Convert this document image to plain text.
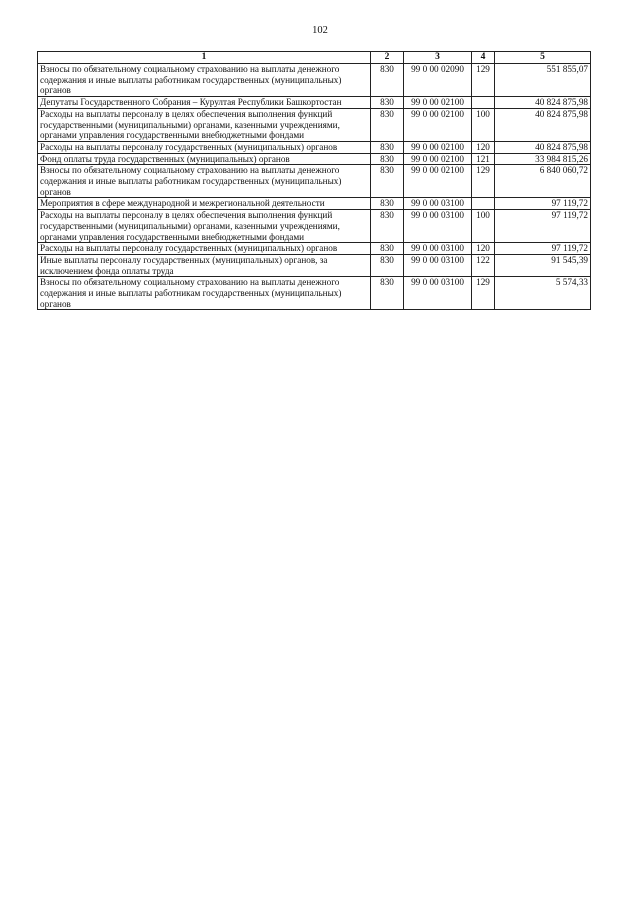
102
1	2	3	4	5
Взносы по обязательному социальному страхованию на выплаты денежного содержания и иные выплаты работникам государственных (муниципальных) органов	830	99 0 00 02090	129	551 855,07
Депутаты Государственного Собрания – Курултая Республики Башкортостан	830	99 0 00 02100		40 824 875,98
Расходы на выплаты персоналу в целях обеспечения выполнения функций государственными (муниципальными) органами, казенными учреждениями, органами управления государственными внебюджетными фондами	830	99 0 00 02100	100	40 824 875,98
Расходы на выплаты персоналу государственных (муниципальных) органов	830	99 0 00 02100	120	40 824 875,98
Фонд оплаты труда государственных (муниципальных) органов	830	99 0 00 02100	121	33 984 815,26
Взносы по обязательному социальному страхованию на выплаты денежного содержания и иные выплаты работникам государственных (муниципальных) органов	830	99 0 00 02100	129	6 840 060,72
Мероприятия в сфере международной и межрегиональной деятельности	830	99 0 00 03100		97 119,72
Расходы на выплаты персоналу в целях обеспечения выполнения функций государственными (муниципальными) органами, казенными учреждениями, органами управления государственными внебюджетными фондами	830	99 0 00 03100	100	97 119,72
Расходы на выплаты персоналу государственных (муниципальных) органов	830	99 0 00 03100	120	97 119,72
Иные выплаты персоналу государственных (муниципальных) органов, за исключением фонда оплаты труда	830	99 0 00 03100	122	91 545,39
Взносы по обязательному социальному страхованию на выплаты денежного содержания и иные выплаты работникам государственных (муниципальных) органов	830	99 0 00 03100	129	5 574,33
